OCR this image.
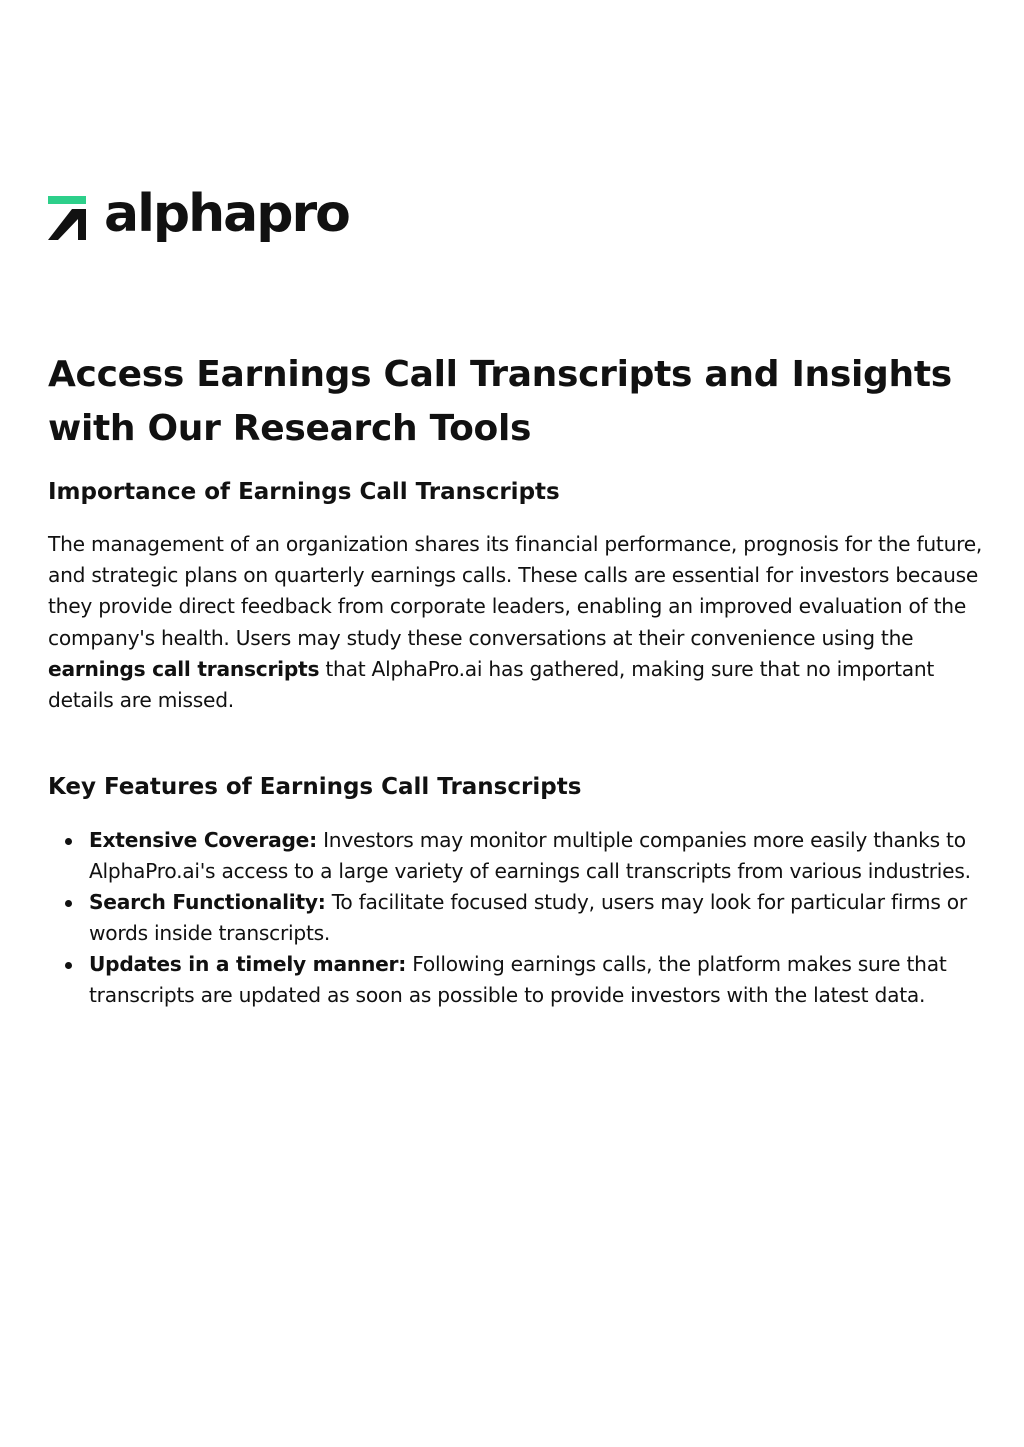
alphapro
Access Earnings Call Transcripts and Insights with Our Research Tools
Importance of Earnings Call Transcripts

The management of an organization shares its financial performance, prognosis for the future, and strategic plans on quarterly earnings calls. These calls are essential for investors because they provide direct feedback from corporate leaders, enabling an improved evaluation of the company's health. Users may study these conversations at their convenience using the earnings call transcripts that AlphaPro.ai has gathered, making sure that no important details are missed.

Key Features of Earnings Call Transcripts
Extensive Coverage: Investors may monitor multiple companies more easily thanks to AlphaPro.ai's access to a large variety of earnings call transcripts from various industries.
Search Functionality: To facilitate focused study, users may look for particular firms or words inside transcripts.
Updates in a timely manner: Following earnings calls, the platform makes sure that transcripts are updated as soon as possible to provide investors with the latest data.
